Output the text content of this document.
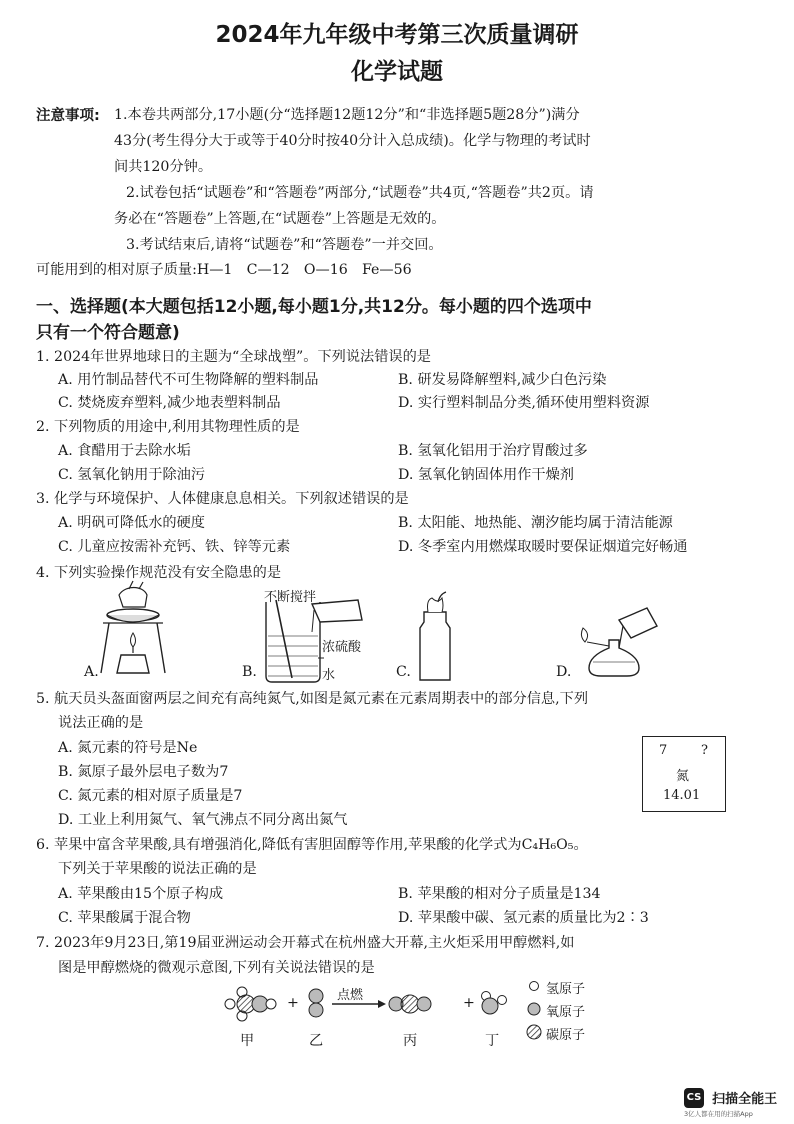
2024年九年级中考第三次质量调研
化学试题
注意事项: 1.本卷共两部分,17小题(分“选择题12题12分”和“非选择题5题28分”)满分
43分(考生得分大于或等于40分时按40分计入总成绩)。化学与物理的考试时
间共120分钟。
2.试卷包括“试题卷”和“答题卷”两部分,“试题卷”共4页,“答题卷”共2页。请
务必在“答题卷”上答题,在“试题卷”上答题是无效的。
3.考试结束后,请将“试题卷”和“答题卷”一并交回。
可能用到的相对原子质量:H—1　C—12　O—16　Fe—56
一、选择题(本大题包括12小题,每小题1分,共12分。每小题的四个选项中
只有一个符合题意)
1. 2024年世界地球日的主题为“全球战塑”。下列说法错误的是
A. 用竹制品替代不可生物降解的塑料制品	B. 研发易降解塑料,减少白色污染
C. 焚烧废弃塑料,减少地表塑料制品	D. 实行塑料制品分类,循环使用塑料资源
2. 下列物质的用途中,利用其物理性质的是
A. 食醋用于去除水垢	B. 氢氧化铝用于治疗胃酸过多
C. 氢氧化钠用于除油污	D. 氢氧化钠固体用作干燥剂
3. 化学与环境保护、人体健康息息相关。下列叙述错误的是
A. 明矾可降低水的硬度	B. 太阳能、地热能、潮汐能均属于清洁能源
C. 儿童应按需补充钙、铁、锌等元素	D. 冬季室内用燃煤取暖时要保证烟道完好畅通
4. 下列实验操作规范没有安全隐患的是
A.
不断搅拌
浓硫酸
水
B.	C.	D.
5. 航天员头盔面窗两层之间充有高纯氮气,如图是氮元素在元素周期表中的部分信息,下列
说法正确的是
A. 氮元素的符号是Ne
B. 氮原子最外层电子数为7
C. 氮元素的相对原子质量是7
D. 工业上利用氮气、氧气沸点不同分离出氮气
7	?
氮
14.01
6. 苹果中富含苹果酸,具有增强消化,降低有害胆固醇等作用,苹果酸的化学式为C₄H₆O₅。
下列关于苹果酸的说法正确的是
A. 苹果酸由15个原子构成	B. 苹果酸的相对分子质量是134
C. 苹果酸属于混合物	D. 苹果酸中碳、氢元素的质量比为2∶3
7. 2023年9月23日,第19届亚洲运动会开幕式在杭州盛大开幕,主火炬采用甲醇燃料,如
图是甲醇燃烧的微观示意图,下列有关说法错误的是
+	+
点燃
甲	乙	丙	丁
氢原子
氧原子
碳原子
CS 扫描全能王
3亿人都在用的扫描App
